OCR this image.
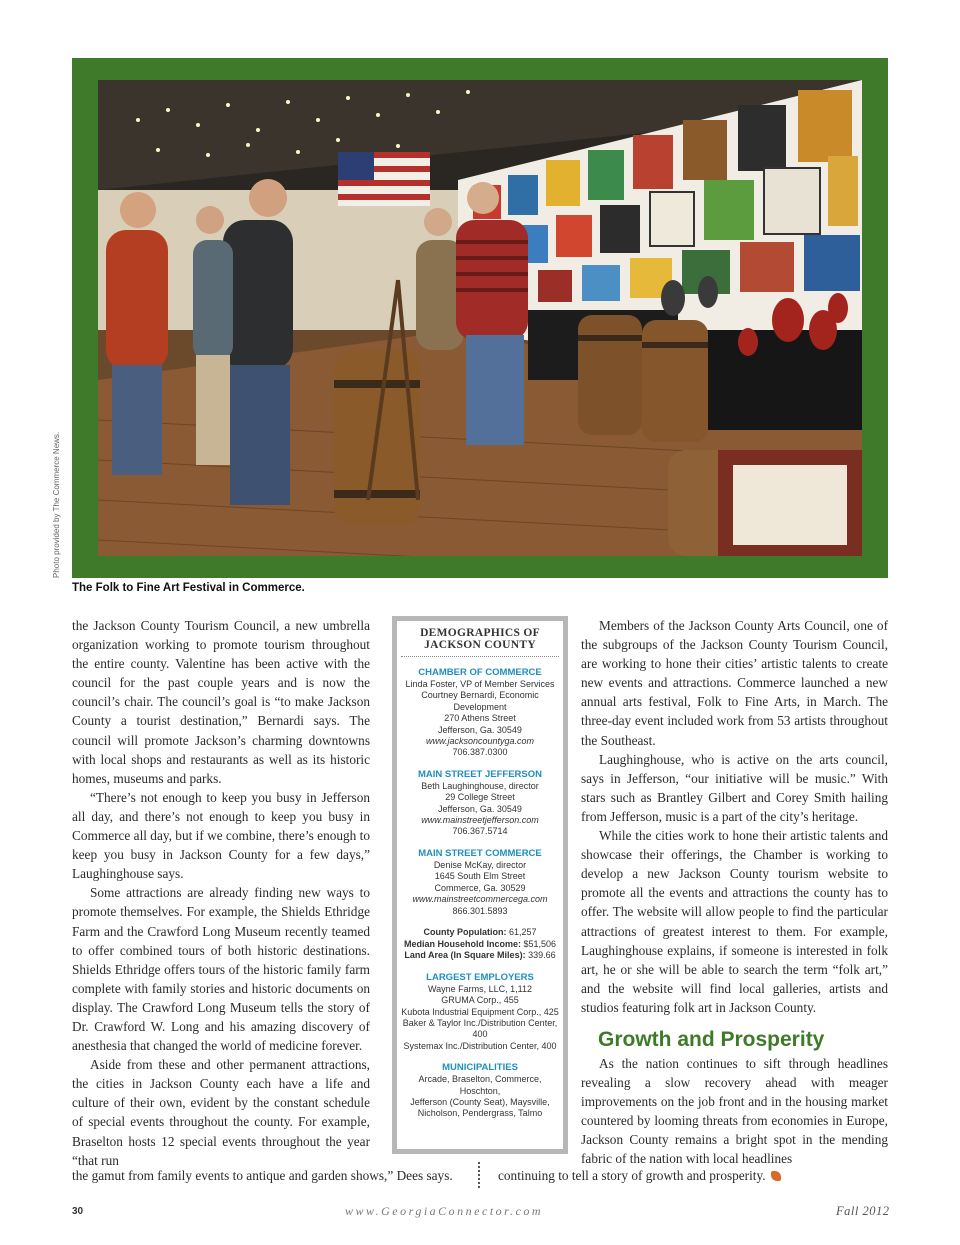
Photo provided by The Commerce News.
The Folk to Fine Art Festival in Commerce.

the Jackson County Tourism Council, a new umbrella organization working to promote tourism throughout the entire county. Valentine has been active with the council for the past couple years and is now the council’s chair. The council’s goal is “to make Jackson County a tourist destination,” Bernardi says. The council will promote Jackson’s charming downtowns with local shops and restaurants as well as its historic homes, museums and parks.

“There’s not enough to keep you busy in Jefferson all day, and there’s not enough to keep you busy in Commerce all day, but if we combine, there’s enough to keep you busy in Jackson County for a few days,” Laughinghouse says.

Some attractions are already finding new ways to promote themselves. For example, the Shields Ethridge Farm and the Crawford Long Museum recently teamed to offer combined tours of both historic destinations. Shields Ethridge offers tours of the historic family farm complete with family stories and historic documents on display. The Crawford Long Museum tells the story of Dr. Crawford W. Long and his amazing discovery of anesthesia that changed the world of medicine forever.

Aside from these and other permanent attractions, the cities in Jackson County each have a life and culture of their own, evident by the constant schedule of special events throughout the county. For example, Braselton hosts 12 special events throughout the year “that run

DEMOGRAPHICS OF
JACKSON COUNTY
CHAMBER OF COMMERCE
Linda Foster, VP of Member Services
Courtney Bernardi, Economic Development
270 Athens Street
Jefferson, Ga. 30549
www.jacksoncountyga.com
706.387.0300
MAIN STREET JEFFERSON
Beth Laughinghouse, director
29 College Street
Jefferson, Ga. 30549
www.mainstreetjefferson.com
706.367.5714
MAIN STREET COMMERCE
Denise McKay, director
1645 South Elm Street
Commerce, Ga. 30529
www.mainstreetcommercega.com
866.301.5893
County Population: 61,257
Median Household Income: $51,506
Land Area (In Square Miles): 339.66
LARGEST EMPLOYERS
Wayne Farms, LLC, 1,112
GRUMA Corp., 455
Kubota Industrial Equipment Corp., 425
Baker & Taylor Inc./Distribution Center, 400
Systemax Inc./Distribution Center, 400
MUNICIPALITIES
Arcade, Braselton, Commerce, Hoschton,
Jefferson (County Seat), Maysville,
Nicholson, Pendergrass, Talmo

Members of the Jackson County Arts Council, one of the subgroups of the Jackson County Tourism Council, are working to hone their cities’ artistic talents to create new events and attractions. Commerce launched a new annual arts festival, Folk to Fine Arts, in March. The three-day event included work from 53 artists throughout the Southeast.

Laughinghouse, who is active on the arts council, says in Jefferson, “our initiative will be music.” With stars such as Brantley Gilbert and Corey Smith hailing from Jefferson, music is a part of the city’s heritage.

While the cities work to hone their artistic talents and showcase their offerings, the Chamber is working to develop a new Jackson County tourism website to promote all the events and attractions the county has to offer. The website will allow people to find the particular attractions of greatest interest to them. For example, Laughinghouse explains, if someone is interested in folk art, he or she will be able to search the term “folk art,” and the website will find local galleries, artists and studios featuring folk art in Jackson County.

Growth and Prosperity

As the nation continues to sift through headlines revealing a slow recovery ahead with meager improvements on the job front and in the housing market countered by looming threats from economies in Europe, Jackson County remains a bright spot in the mending fabric of the nation with local headlines

the gamut from family events to antique and garden shows,” Dees says.	continuing to tell a story of growth and prosperity.
30	www.GeorgiaConnector.com	Fall 2012
